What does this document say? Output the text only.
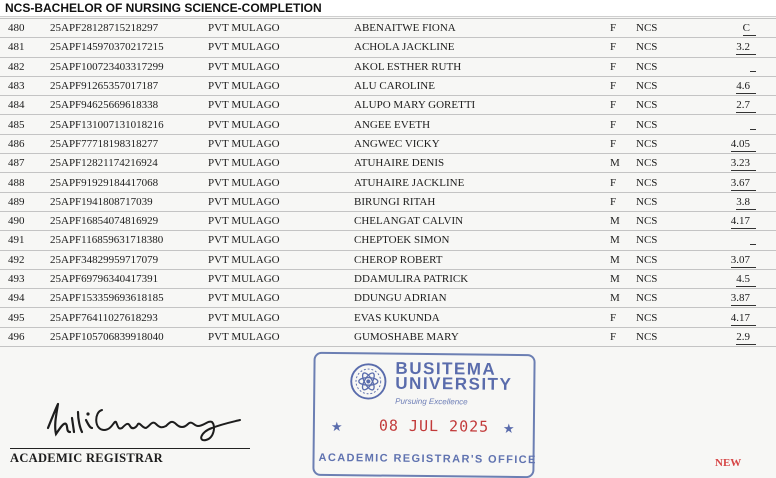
NCS-BACHELOR OF NURSING SCIENCE-COMPLETION
480	25APF28128715218297	PVT MULAGO	ABENAITWE FIONA	F	NCS	C
481	25APF145970370217215	PVT MULAGO	ACHOLA JACKLINE	F	NCS	3.2
482	25APF100723403317299	PVT MULAGO	AKOL ESTHER RUTH	F	NCS	
483	25APF91265357017187	PVT MULAGO	ALU CAROLINE	F	NCS	4.6
484	25APF94625669618338	PVT MULAGO	ALUPO MARY GORETTI	F	NCS	2.7
485	25APF131007131018216	PVT MULAGO	ANGEE EVETH	F	NCS	
486	25APF77718198318277	PVT MULAGO	ANGWEC VICKY	F	NCS	4.05
487	25APF12821174216924	PVT MULAGO	ATUHAIRE DENIS	M	NCS	3.23
488	25APF91929184417068	PVT MULAGO	ATUHAIRE JACKLINE	F	NCS	3.67
489	25APF1941808717039	PVT MULAGO	BIRUNGI RITAH	F	NCS	3.8
490	25APF16854074816929	PVT MULAGO	CHELANGAT CALVIN	M	NCS	4.17
491	25APF116859631718380	PVT MULAGO	CHEPTOEK SIMON	M	NCS	
492	25APF34829959717079	PVT MULAGO	CHEROP ROBERT	M	NCS	3.07
493	25APF69796340417391	PVT MULAGO	DDAMULIRA PATRICK	M	NCS	4.5
494	25APF153359693618185	PVT MULAGO	DDUNGU ADRIAN	M	NCS	3.87
495	25APF76411027618293	PVT MULAGO	EVAS KUKUNDA	F	NCS	4.17
496	25APF105706839918040	PVT MULAGO	GUMOSHABE MARY	F	NCS	2.9
ACADEMIC REGISTRAR
BUSITEMA
UNIVERSITY
Pursuing Excellence
★ 08 JUL 2025 ★
ACADEMIC REGISTRAR'S OFFICE	NEW
